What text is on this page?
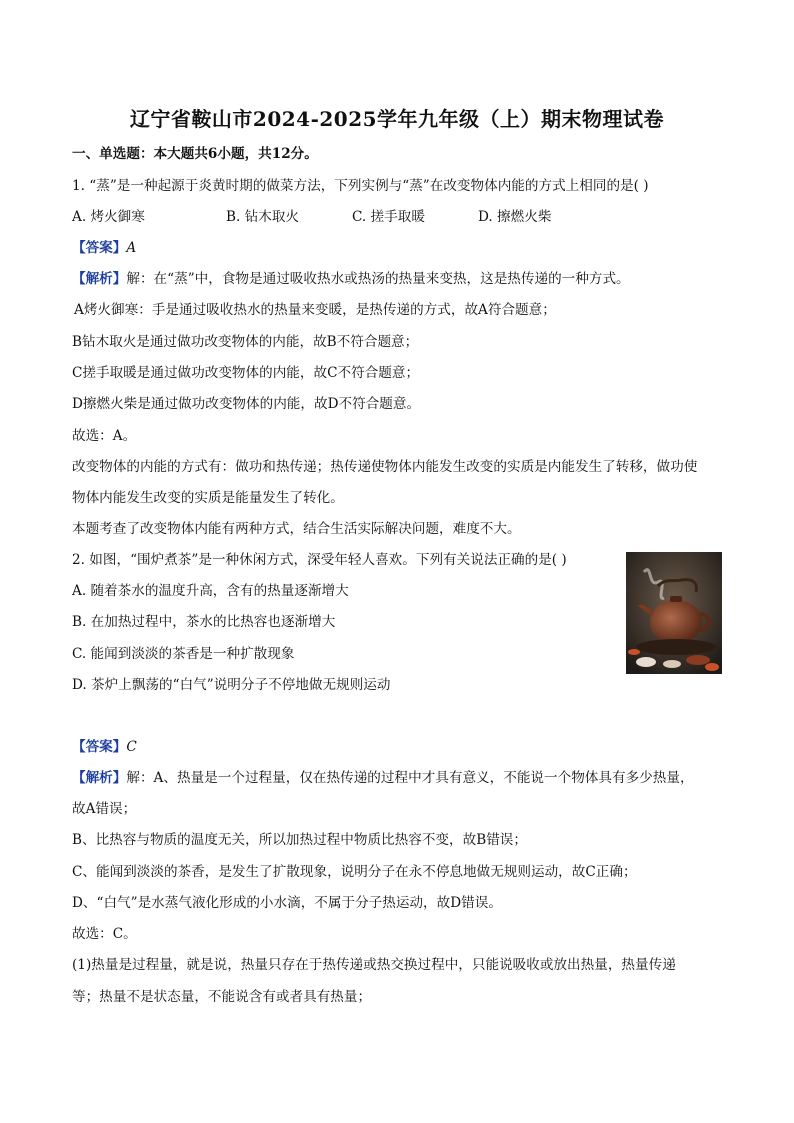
辽宁省鞍山市2024-2025学年九年级（上）期末物理试卷
一、单选题：本大题共6小题，共12分。
1. “蒸”是一种起源于炎黄时期的做菜方法，下列实例与“蒸”在改变物体内能的方式上相同的是( )
A. 烤火御寒	B. 钻木取火	C. 搓手取暖	D. 擦燃火柴
【答案】A
【解析】解：在“蒸”中，食物是通过吸收热水或热汤的热量来变热，这是热传递的一种方式。
A烤火御寒：手是通过吸收热水的热量来变暖，是热传递的方式，故A符合题意；
B钻木取火是通过做功改变物体的内能，故B不符合题意；
C搓手取暖是通过做功改变物体的内能，故C不符合题意；
D擦燃火柴是通过做功改变物体的内能，故D不符合题意。
故选：A。
改变物体的内能的方式有：做功和热传递；热传递使物体内能发生改变的实质是内能发生了转移，做功使
物体内能发生改变的实质是能量发生了转化。
本题考查了改变物体内能有两种方式，结合生活实际解决问题，难度不大。
2. 如图，“围炉煮茶”是一种休闲方式，深受年轻人喜欢。下列有关说法正确的是( )
A. 随着茶水的温度升高，含有的热量逐渐增大
B. 在加热过程中，茶水的比热容也逐渐增大
C. 能闻到淡淡的茶香是一种扩散现象
D. 茶炉上飘荡的“白气”说明分子不停地做无规则运动
【答案】C
【解析】解：A、热量是一个过程量，仅在热传递的过程中才具有意义，不能说一个物体具有多少热量，
故A错误；
B、比热容与物质的温度无关，所以加热过程中物质比热容不变，故B错误；
C、能闻到淡淡的茶香，是发生了扩散现象，说明分子在永不停息地做无规则运动，故C正确；
D、“白气”是水蒸气液化形成的小水滴，不属于分子热运动，故D错误。
故选：C。
(1)热量是过程量，就是说，热量只存在于热传递或热交换过程中，只能说吸收或放出热量，热量传递
等；热量不是状态量，不能说含有或者具有热量；
